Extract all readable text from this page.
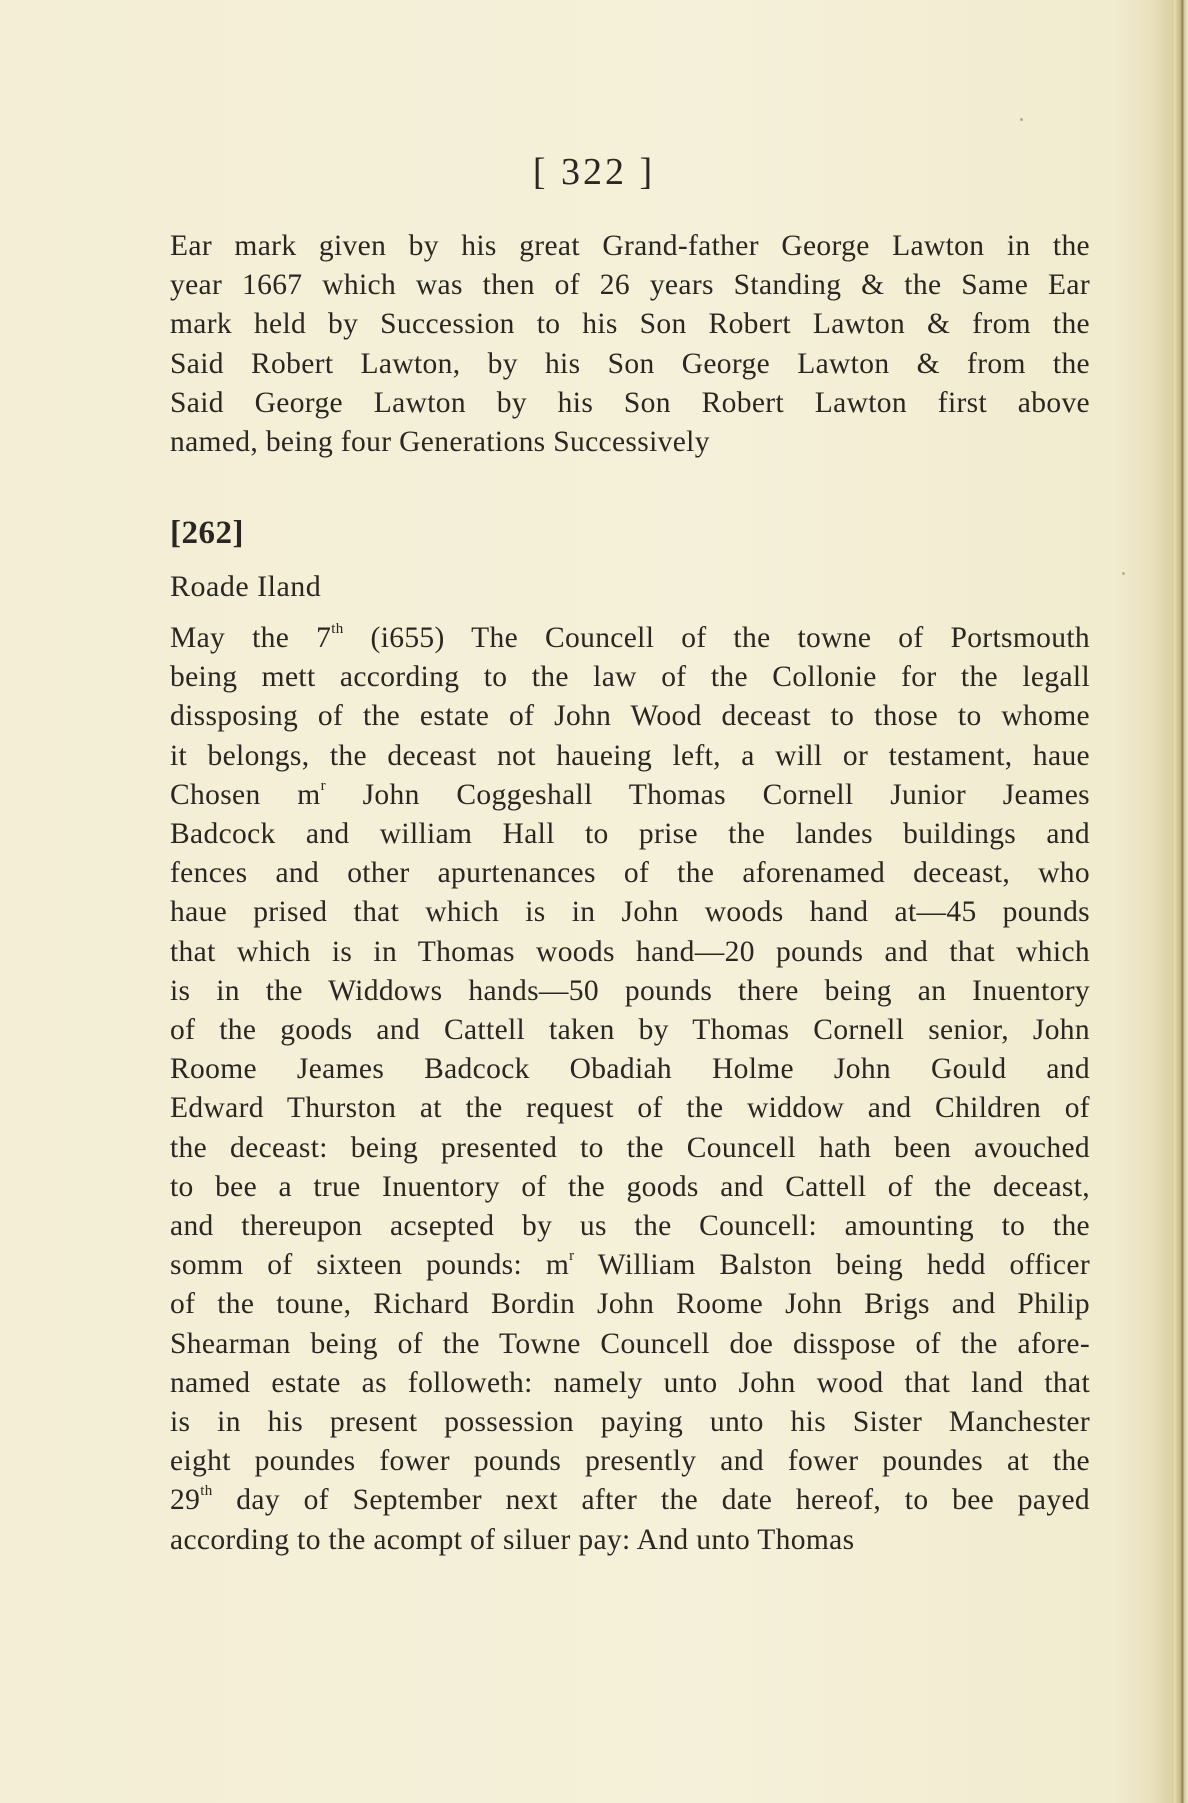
[ 322 ]
Ear mark given by his great Grand-father George Lawton in the
year 1667 which was then of 26 years Standing & the Same Ear
mark held by Succession to his Son Robert Lawton & from the
Said Robert Lawton, by his Son George Lawton & from the
Said George Lawton by his Son Robert Lawton first above
named, being four Generations Successively
[262]
Roade Iland
May the 7th (i655) The Councell of the towne of Portsmouth
being mett according to the law of the Collonie for the legall
dissposing of the estate of John Wood deceast to those to whome
it belongs, the deceast not haueing left, a will or testament, haue
Chosen $m^r$ John Coggeshall Thomas Cornell Junior Jeames
Badcock and william Hall to prise the landes buildings and
fences and other apurtenances of the aforenamed deceast, who
haue prised that which is in John woods hand at—45 pounds
that which is in Thomas woods hand—20 pounds and that which
is in the Widdows hands—50 pounds there being an Inuentory
of the goods and Cattell taken by Thomas Cornell senior, John
Roome Jeames Badcock Obadiah Holme John Gould and
Edward Thurston at the request of the widdow and Children of
the deceast: being presented to the Councell hath been avouched
to bee a true Inuentory of the goods and Cattell of the deceast,
and thereupon acsepted by us the Councell: amounting to the
somm of sixteen pounds: $m^r$ William Balston being hedd officer
of the toune, Richard Bordin John Roome John Brigs and Philip
Shearman being of the Towne Councell doe disspose of the afore-
named estate as followeth: namely unto John wood that land that
is in his present possession paying unto his Sister Manchester
eight poundes fower pounds presently and fower poundes at the
29th day of September next after the date hereof, to bee payed
according to the acompt of siluer pay: And unto Thomas
